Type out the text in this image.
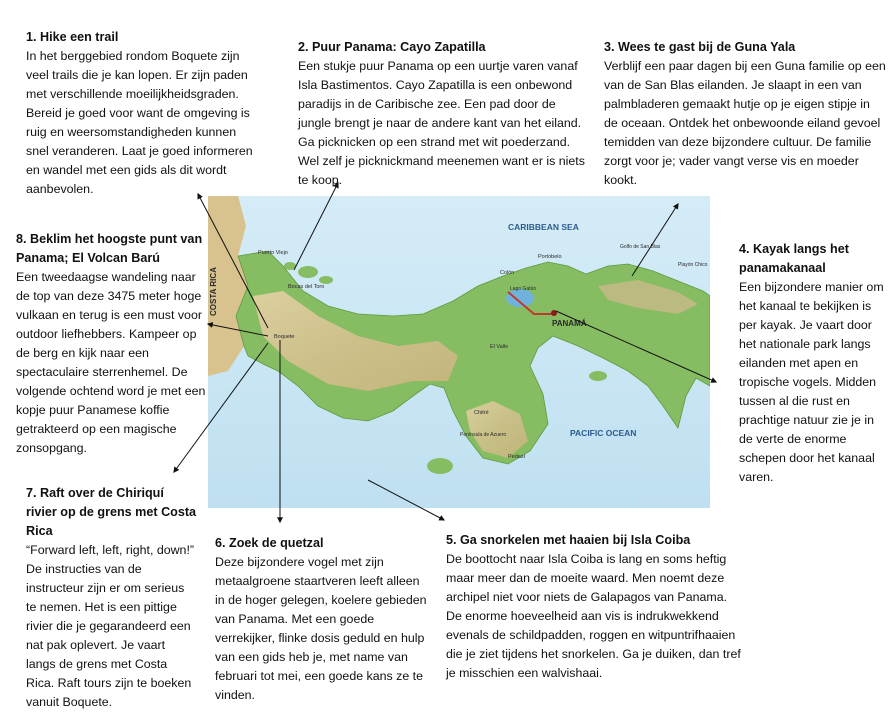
CARIBBEAN SEA
PACIFIC OCEAN
PANAMÁ
COSTA RICA
Puerto Viejo
Bocas del Toro
Boquete
Colón
Portobelo
Lago Gatún
El Valle
Chitré
Península de Azuero
Pedasí
Golfo de San Blas
Playón Chico
1. Hike een trail

In het berggebied rondom Boquete zijn veel trails die je kan lopen. Er zijn paden met verschillende moeilijkheidsgraden. Bereid je goed voor want de omgeving is ruig en weersomstandigheden kunnen snel veranderen. Laat je goed informeren en wandel met een gids als dit wordt aanbevolen.

2. Puur Panama: Cayo Zapatilla

Een stukje puur Panama op een uurtje varen vanaf Isla Bastimentos. Cayo Zapatilla is een onbewond paradijs in de Caribische zee. Een pad door de jungle brengt je naar de andere kant van het eiland. Ga picknicken op een strand met wit poederzand. Wel zelf je picknickmand meenemen want er is niets te koop.

3. Wees te gast bij de Guna Yala

Verblijf een paar dagen bij een Guna familie op een van de San Blas eilanden. Je slaapt in een van palmbladeren gemaakt hutje op je eigen stipje in de oceaan. Ontdek het onbewoonde eiland gevoel temidden van deze bijzondere cultuur. De familie zorgt voor je; vader vangt verse vis en moeder kookt.

4. Kayak langs het panamakanaal

Een bijzondere manier om het kanaal te bekijken is per kayak. Je vaart door het nationale park langs eilanden met apen en tropische vogels. Midden tussen al die rust en prachtige natuur zie je in de verte de enorme schepen door het kanaal varen.

5. Ga snorkelen met haaien bij Isla Coiba

De boottocht naar Isla Coiba is lang en soms heftig maar meer dan de moeite waard. Men noemt deze archipel niet voor niets de Galapagos van Panama. De enorme hoeveelheid aan vis is indrukwekkend evenals de schildpadden, roggen en witpuntrifhaaien die je ziet tijdens het snorkelen. Ga je duiken, dan tref je misschien een walvishaai.

6. Zoek de quetzal

Deze bijzondere vogel met zijn metaalgroene staartveren leeft alleen in de hoger gelegen, koelere gebieden van Panama. Met een goede verrekijker, flinke dosis geduld en hulp van een gids heb je, met name van februari tot mei, een goede kans ze te vinden.

7. Raft over de Chiriquí rivier op de grens met Costa Rica

“Forward left, left, right, down!” De instructies van de instructeur zijn er om serieus te nemen. Het is een pittige rivier die je gegarandeerd een nat pak oplevert. Je vaart langs de grens met Costa Rica. Raft tours zijn te boeken vanuit Boquete.

8. Beklim het hoogste punt van Panama; El Volcan Barú

Een tweedaagse wandeling naar de top van deze 3475 meter hoge vulkaan en terug is een must voor outdoor liefhebbers. Kampeer op de berg en kijk naar een spectaculaire sterrenhemel. De volgende ochtend word je met een kopje puur Panamese koffie getrakteerd op een magische zonsopgang.
